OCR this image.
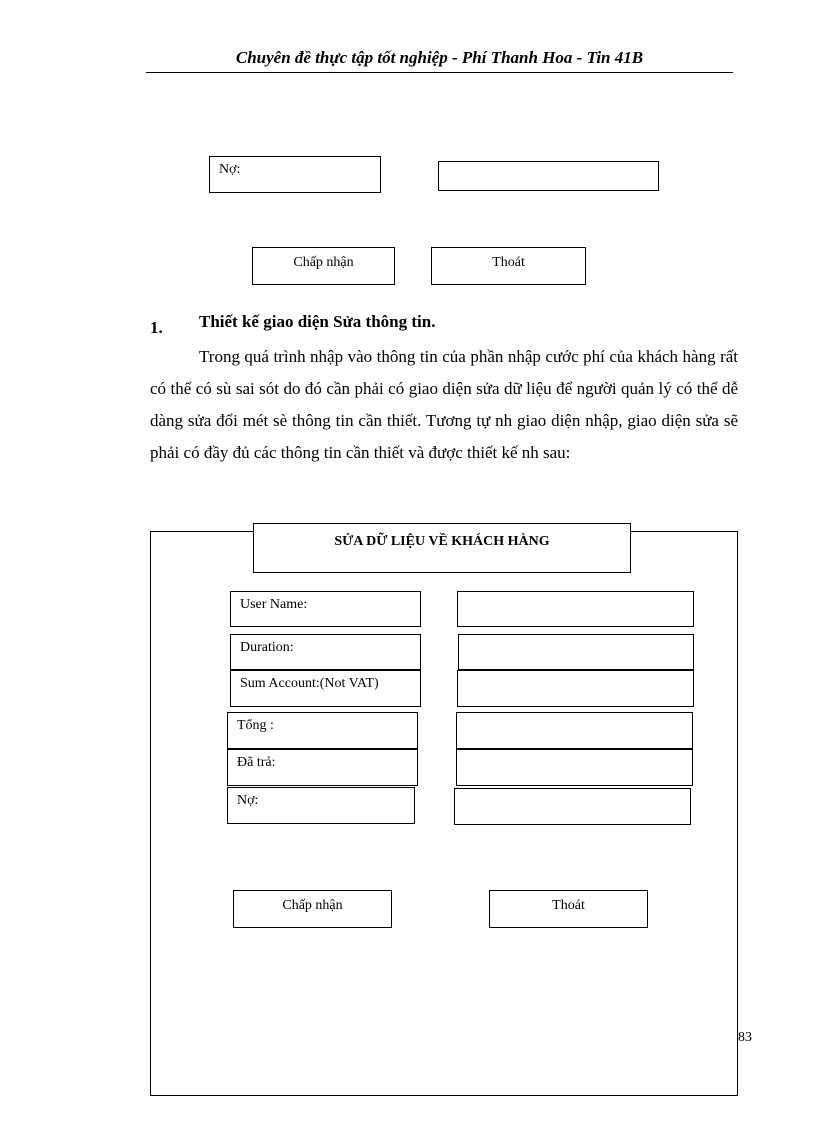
Chuyên đề thực tập tốt nghiệp - Phí Thanh Hoa - Tin 41B
Nợ:
Chấp nhận	Thoát
1. Thiết kế giao diện Sửa thông tin.
Trong quá trình nhập vào thông tin của phần nhập cước phí của khách hàng rất có thể có sù sai sót do đó cần phải có giao diện sửa dữ liệu để người quản lý có thể dễ dàng sửa đổi mét sè thông tin cần thiết. Tương tự nh giao diện nhập, giao diện sửa sẽ phải có đầy đủ các thông tin cần thiết và được thiết kế nh sau:
SỬA DỮ LIỆU VỀ KHÁCH HÀNG
User Name:
Duration:
Sum Account:(Not VAT)
Tổng :
Đã trả:
Nợ:
Chấp nhận	Thoát
83
